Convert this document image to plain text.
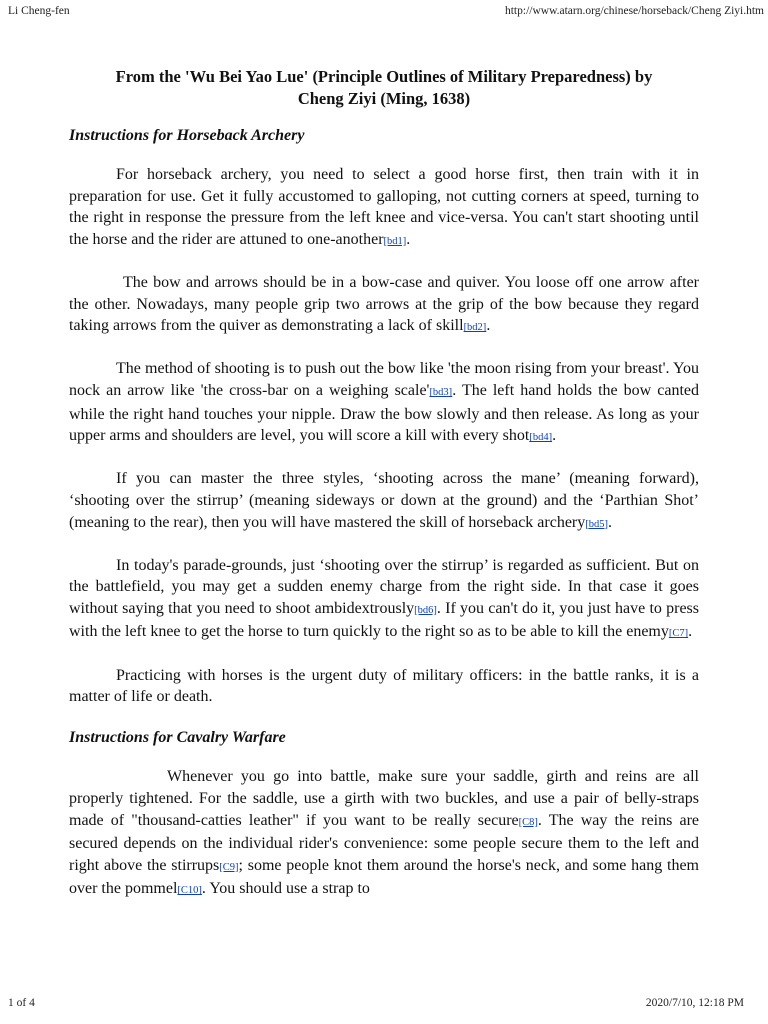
Li Cheng-fen	http://www.atarn.org/chinese/horseback/Cheng Ziyi.htm
From the 'Wu Bei Yao Lue' (Principle Outlines of Military Preparedness) by
Cheng Ziyi (Ming, 1638)
Instructions for Horseback Archery

For horseback archery, you need to select a good horse first, then train with it in preparation for use. Get it fully accustomed to galloping, not cutting corners at speed, turning to the right in response the pressure from the left knee and vice-versa. You can't start shooting until the horse and the rider are attuned to one-another[bd1].

The bow and arrows should be in a bow-case and quiver. You loose off one arrow after the other. Nowadays, many people grip two arrows at the grip of the bow because they regard taking arrows from the quiver as demonstrating a lack of skill[bd2].

The method of shooting is to push out the bow like 'the moon rising from your breast'. You nock an arrow like 'the cross-bar on a weighing scale'[bd3]. The left hand holds the bow canted while the right hand touches your nipple. Draw the bow slowly and then release. As long as your upper arms and shoulders are level, you will score a kill with every shot[bd4].

If you can master the three styles, ‘shooting across the mane’ (meaning forward), ‘shooting over the stirrup’ (meaning sideways or down at the ground) and the ‘Parthian Shot’ (meaning to the rear), then you will have mastered the skill of horseback archery[bd5].

In today's parade-grounds, just ‘shooting over the stirrup’ is regarded as sufficient. But on the battlefield, you may get a sudden enemy charge from the right side. In that case it goes without saying that you need to shoot ambidextrously[bd6]. If you can't do it, you just have to press with the left knee to get the horse to turn quickly to the right so as to be able to kill the enemy[C7].

Practicing with horses is the urgent duty of military officers: in the battle ranks, it is a matter of life or death.

Instructions for Cavalry Warfare

Whenever you go into battle, make sure your saddle, girth and reins are all properly tightened. For the saddle, use a girth with two buckles, and use a pair of belly-straps made of "thousand-catties leather" if you want to be really secure[C8]. The way the reins are secured depends on the individual rider's convenience: some people secure them to the left and right above the stirrups[C9]; some people knot them around the horse's neck, and some hang them over the pommel[C10]. You should use a strap to

1 of 4	2020/7/10, 12:18 PM
